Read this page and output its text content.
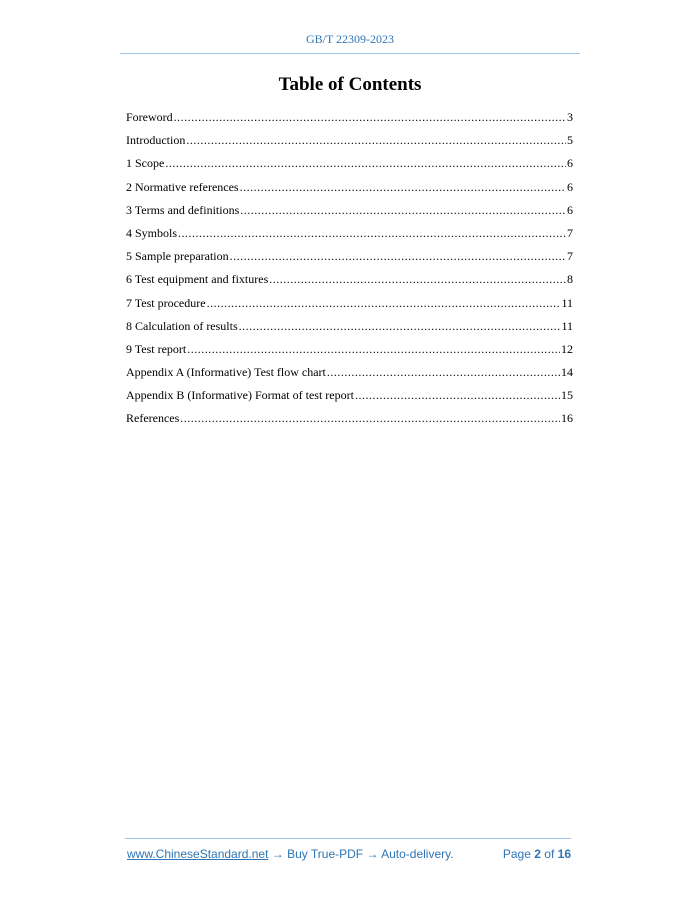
GB/T 22309-2023
Table of Contents
Foreword .....	3
Introduction .....	5
1 Scope .....	6
2 Normative references .....	6
3 Terms and definitions .....	6
4 Symbols .....	7
5 Sample preparation .....	7
6 Test equipment and fixtures .....	8
7 Test procedure .....	11
8 Calculation of results .....	11
9 Test report .....	12
Appendix A (Informative) Test flow chart .....	14
Appendix B (Informative) Format of test report .....	15
References .....	16
www.ChineseStandard.net → Buy True-PDF → Auto-delivery.	Page 2 of 16
